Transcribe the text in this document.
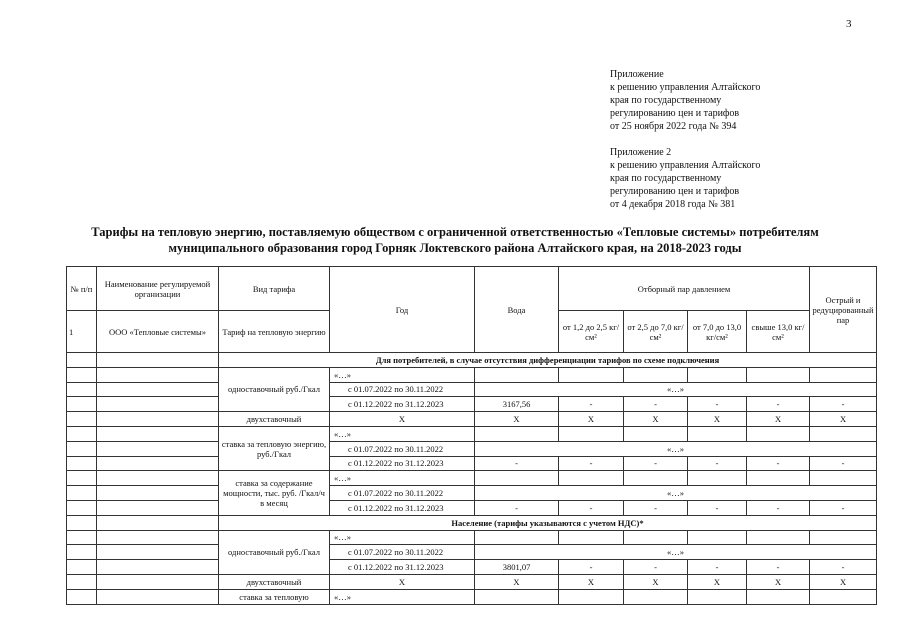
3
Приложение
к решению управления Алтайского
края по государственному
регулированию цен и тарифов
от 25 ноября 2022 года № 394
Приложение 2
к решению управления Алтайского
края по государственному
регулированию цен и тарифов
от 4 декабря 2018 года № 381
Тарифы на тепловую энергию, поставляемую обществом с ограниченной ответственностью «Тепловые системы» потребителям
муниципального образования город Горняк Локтевского района Алтайского края, на 2018-2023 годы
№ п/п	Наименование регулируемой организации	Вид тарифа	Год	Вода	Отборный пар давлением				Острый и редуцированный пар
1	ООО «Тепловые системы»	Тариф на тепловую энергию			от 1,2 до 2,5 кг/см²	от 2,5 до 7,0 кг/см²	от 7,0 до 13,0 кг/см²	свыше 13,0 кг/см²	
		Для потребителей, в случае отсутствия дифференциации тарифов по схеме подключения							
		одноставочный руб./Гкал	«…»						
			с 01.07.2022 по 30.11.2022	«…»					
			с 01.12.2022 по 31.12.2023	3167,56	-	-	-	-	-
		двухставочный	Х	Х	Х	Х	Х	Х	Х
		ставка за тепловую энергию, руб./Гкал	«…»						
			с 01.07.2022 по 30.11.2022	«…»					
			с 01.12.2022 по 31.12.2023	-	-	-	-	-	-
		ставка за содержание мощности, тыс. руб. /Гкал/ч в месяц	«…»						
			с 01.07.2022 по 30.11.2022	«…»					
			с 01.12.2022 по 31.12.2023	-	-	-	-	-	-
		Население (тарифы указываются с учетом НДС)*							
		одноставочный руб./Гкал	«…»						
			с 01.07.2022 по 30.11.2022	«…»					
			с 01.12.2022 по 31.12.2023	3801,07	-	-	-	-	-
		двухставочный	Х	Х	Х	Х	Х	Х	Х
		ставка за тепловую	«…»						
